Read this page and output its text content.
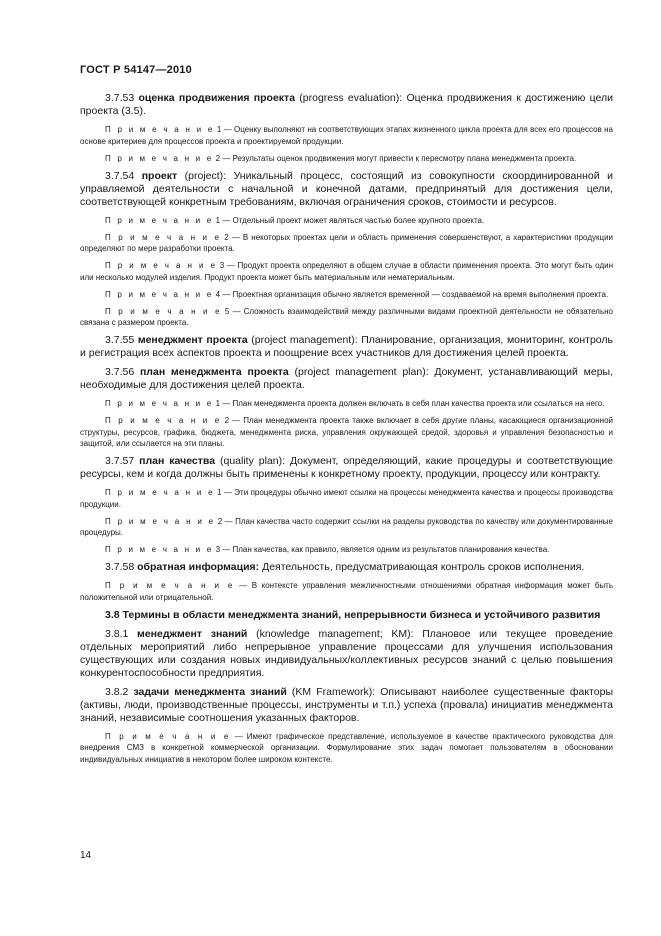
ГОСТ Р 54147—2010

3.7.53 оценка продвижения проекта (progress evaluation): Оценка продвижения к достижению цели проекта (3.5).

П р и м е ч а н и е 1 — Оценку выполняют на соответствующих этапах жизненного цикла проекта для всех его процессов на основе критериев для процессов проекта и проектируемой продукции.

П р и м е ч а н и е 2 — Результаты оценок продвижения могут привести к пересмотру плана менеджмента проекта.

3.7.54 проект (project): Уникальный процесс, состоящий из совокупности скоординированной и управляемой деятельности с начальной и конечной датами, предпринятый для достижения цели, соответствующей конкретным требованиям, включая ограничения сроков, стоимости и ресурсов.

П р и м е ч а н и е 1 — Отдельный проект может являться частью более крупного проекта.

П р и м е ч а н и е 2 — В некоторых проектах цели и область применения совершенствуют, а характеристики продукции определяют по мере разработки проекта.

П р и м е ч а н и е 3 — Продукт проекта определяют в общем случае в области применения проекта. Это могут быть один или несколько модулей изделия. Продукт проекта может быть материальным или нематериальным.

П р и м е ч а н и е 4 — Проектная организация обычно является временной — создаваемой на время выполнения проекта.

П р и м е ч а н и е 5 — Сложность взаимодействий между различными видами проектной деятельности не обязательно связана с размером проекта.

3.7.55 менеджмент проекта (project management): Планирование, организация, мониторинг, контроль и регистрация всех аспектов проекта и поощрение всех участников для достижения целей проекта.

3.7.56 план менеджмента проекта (project management plan): Документ, устанавливающий меры, необходимые для достижения целей проекта.

П р и м е ч а н и е 1 — План менеджмента проекта должен включать в себя план качества проекта или ссылаться на него.

П р и м е ч а н и е 2 — План менеджмента проекта также включает в себя другие планы, касающиеся организационной структуры, ресурсов, графика, бюджета, менеджмента риска, управления окружающей средой, здоровья и управления безопасностью и защитой, или ссылается на эти планы.

3.7.57 план качества (quality plan): Документ, определяющий, какие процедуры и соответствующие ресурсы, кем и когда должны быть применены к конкретному проекту, продукции, процессу или контракту.

П р и м е ч а н и е 1 — Эти процедуры обычно имеют ссылки на процессы менеджмента качества и процессы производства продукции.

П р и м е ч а н и е 2 — План качества часто содержит ссылки на разделы руководства по качеству или документированные процедуры.

П р и м е ч а н и е 3 — План качества, как правило, является одним из результатов планирования качества.

3.7.58 обратная информация: Деятельность, предусматривающая контроль сроков исполнения.

П р и м е ч а н и е — В контексте управления межличностными отношениями обратная информация может быть положительной или отрицательной.

3.8 Термины в области менеджмента знаний, непрерывности бизнеса и устойчивого развития

3.8.1 менеджмент знаний (knowledge management; KM): Плановое или текущее проведение отдельных мероприятий либо непрерывное управление процессами для улучшения использования существующих или создания новых индивидуальных/коллективных ресурсов знаний с целью повышения конкурентоспособности предприятия.

3.8.2 задачи менеджмента знаний (KM Framework): Описывают наиболее существенные факторы (активы, люди, производственные процессы, инструменты и т.п.) успеха (провала) инициатив менеджмента знаний, независимые соотношения указанных факторов.

П р и м е ч а н и е — Имеют графическое представление, используемое в качестве практического руководства для внедрения СМЗ в конкретной коммерческой организации. Формулирование этих задач помогает пользователям в обосновании индивидуальных инициатив в некотором более широком контексте.

14
